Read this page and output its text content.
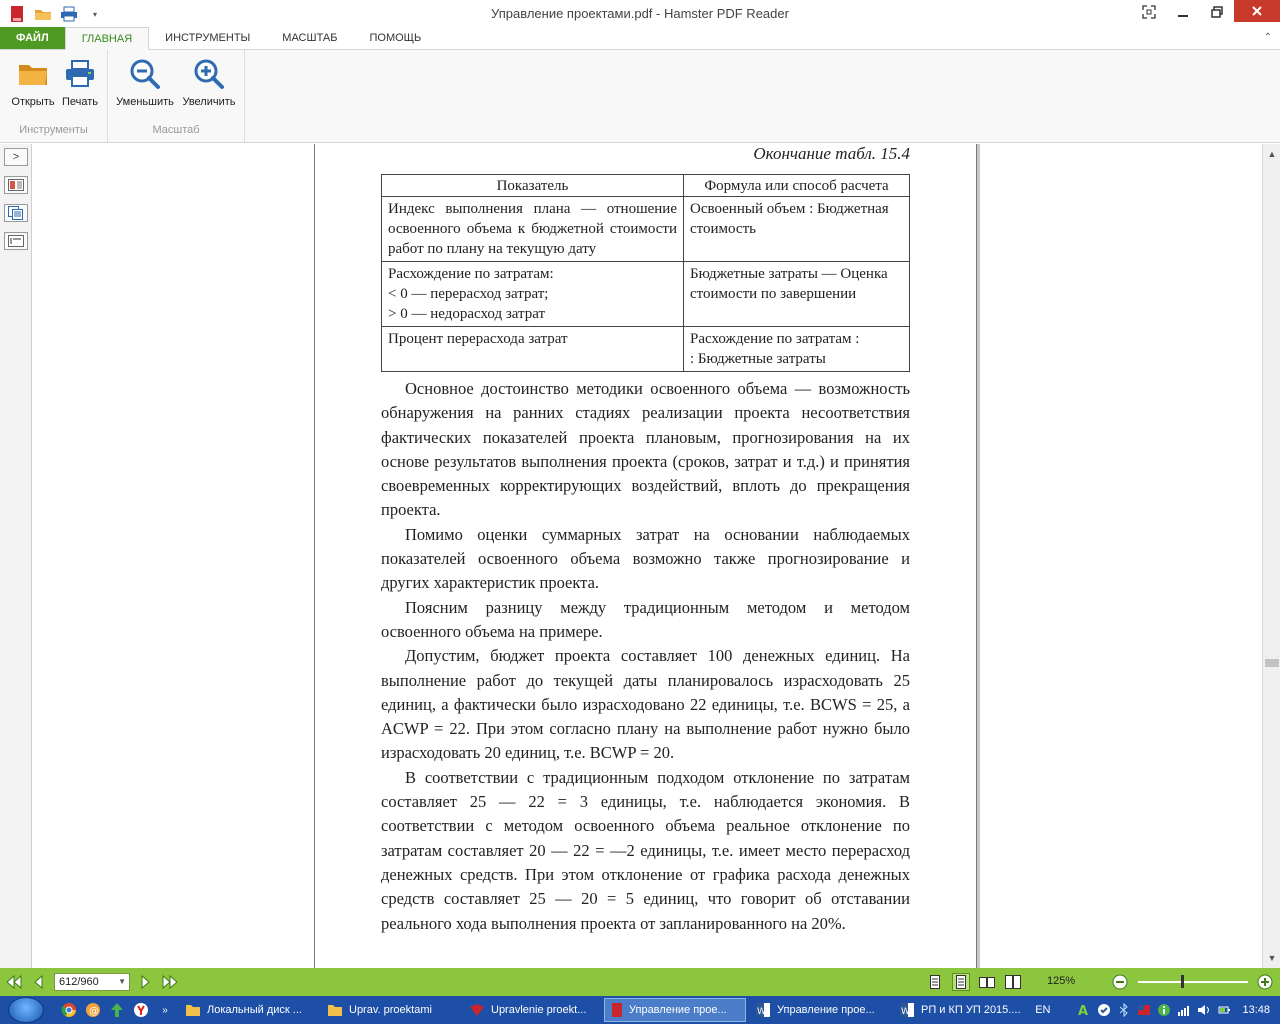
▾	Управление проектами.pdf - Hamster PDF Reader
ФАЙЛ	ГЛАВНАЯ	ИНСТРУМЕНТЫ	МАСШТАБ	ПОМОЩЬ	⌃
Открыть Печать
Инструменты
Уменьшить Увеличить
Масштаб
>	Окончание табл. 15.4
Показатель	Формула или способ расчета
Индекс выполнения плана — отношение освоенного объема к бюджетной стоимости работ по плану на текущую дату	Освоенный объем : Бюджетная стоимость
Расхождение по затратам:
< 0 — перерасход затрат;
> 0 — недорасход затрат	Бюджетные затраты — Оценка стоимости по завершении
Процент перерасхода затрат	Расхождение по затратам :
: Бюджетные затраты

Основное достоинство методики освоенного объема — возможность обнаружения на ранних стадиях реализации проекта несоответствия фактических показателей проекта плановым, прогнозирования на их основе результатов выполнения проекта (сроков, затрат и т.д.) и принятия своевременных корректирующих воздействий, вплоть до прекращения проекта.

Помимо оценки суммарных затрат на основании наблюдаемых показателей освоенного объема возможно также прогнозирование и других характеристик проекта.

Поясним разницу между традиционным методом и методом освоенного объема на примере.

Допустим, бюджет проекта составляет 100 денежных единиц. На выполнение работ до текущей даты планировалось израсходовать 25 единиц, а фактически было израсходовано 22 единицы, т.е. BCWS = 25, а ACWP = 22. При этом согласно плану на выполнение работ нужно было израсходовать 20 единиц, т.е. BCWP = 20.

В соответствии с традиционным подходом отклонение по затратам составляет 25 — 22 = 3 единицы, т.е. наблюдается экономия. В соответствии с методом освоенного объема реальное отклонение по затратам составляет 20 — 22 = —2 единицы, т.е. имеет место перерасход денежных средств. При этом отклонение от графика расхода денежных средств составляет 25 — 20 = 5 единиц, что говорит об отставании реального хода выполнения проекта от запланированного на 20%.

▲
▼
612/960 ▼	125%
@	»	Локальный диск ...	Uprav. proektami	Upravlenie proekt...	Управление прое...	W Управление прое...	W РП и КП УП 2015.... EN A	13:48
